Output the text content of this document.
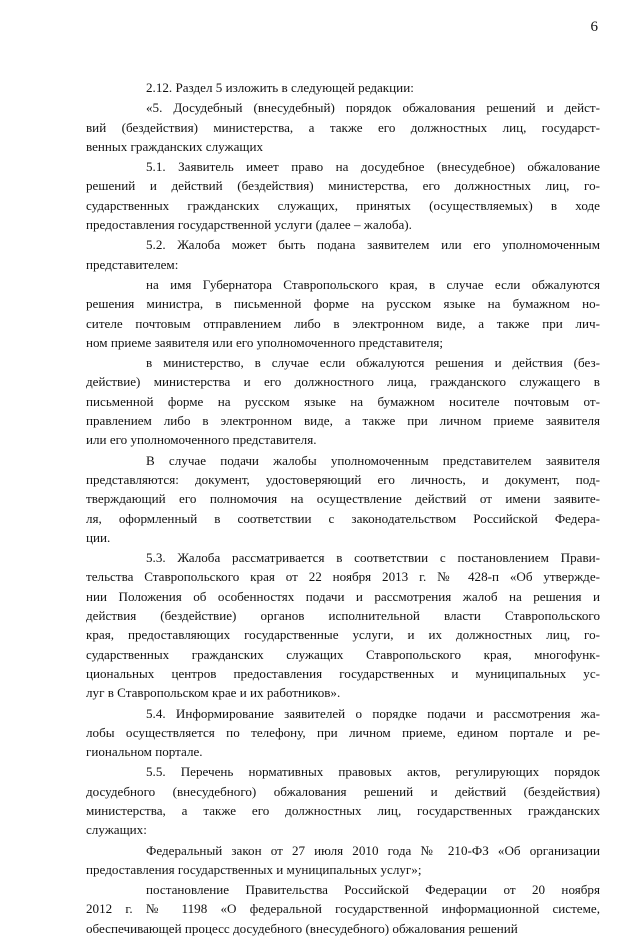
6
2.12. Раздел 5 изложить в следующей редакции:
«5. Досудебный (внесудебный) порядок обжалования решений и дейст-
вий (бездействия) министерства, а также его должностных лиц, государст-
венных гражданских служащих
5.1. Заявитель имеет право на досудебное (внесудебное) обжалование
решений и действий (бездействия) министерства, его должностных лиц, го-
сударственных гражданских служащих, принятых (осуществляемых) в ходе
предоставления государственной услуги (далее – жалоба).
5.2. Жалоба может быть подана заявителем или его уполномоченным
представителем:
на имя Губернатора Ставропольского края, в случае если обжалуются
решения министра, в письменной форме на русском языке на бумажном но-
сителе почтовым отправлением либо в электронном виде, а также при лич-
ном приеме заявителя или его уполномоченного представителя;
в министерство, в случае если обжалуются решения и действия (без-
действие) министерства и его должностного лица, гражданского служащего в
письменной форме на русском языке на бумажном носителе почтовым от-
правлением либо в электронном виде, а также при личном приеме заявителя
или его уполномоченного представителя.
В случае подачи жалобы уполномоченным представителем заявителя
представляются: документ, удостоверяющий его личность, и документ, под-
тверждающий его полномочия на осуществление действий от имени заявите-
ля, оформленный в соответствии с законодательством Российской Федера-
ции.
5.3. Жалоба рассматривается в соответствии с постановлением Прави-
тельства Ставропольского края от 22 ноября 2013 г. № 428-п «Об утвержде-
нии Положения об особенностях подачи и рассмотрения жалоб на решения и
действия (бездействие) органов исполнительной власти Ставропольского
края, предоставляющих государственные услуги, и их должностных лиц, го-
сударственных гражданских служащих Ставропольского края, многофунк-
циональных центров предоставления государственных и муниципальных ус-
луг в Ставропольском крае и их работников».
5.4. Информирование заявителей о порядке подачи и рассмотрения жа-
лобы осуществляется по телефону, при личном приеме, едином портале и ре-
гиональном портале.
5.5. Перечень нормативных правовых актов, регулирующих порядок
досудебного (внесудебного) обжалования решений и действий (бездействия)
министерства, а также его должностных лиц, государственных гражданских
служащих:
Федеральный закон от 27 июля 2010 года № 210-ФЗ «Об организации
предоставления государственных и муниципальных услуг»;
постановление Правительства Российской Федерации от 20 ноября
2012 г. № 1198 «О федеральной государственной информационной системе,
обеспечивающей процесс досудебного (внесудебного) обжалования решений
